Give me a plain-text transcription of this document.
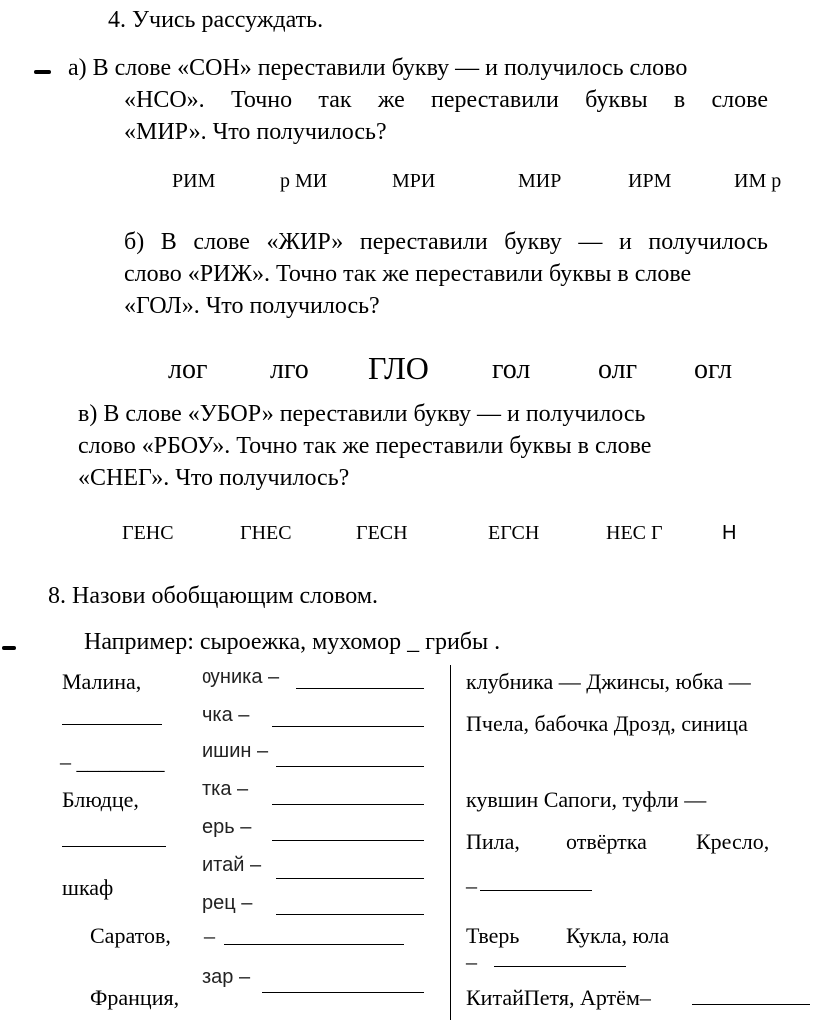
4. Учись рассуждать.
а) В слове «СОН» переставили букву — и получилось слово
«НСО». Точно так же переставили буквы в слове
«МИР». Что получилось?
РИМ	р МИ	МРИ	МИР	ИРМ	ИМ р
б) В слове «ЖИР» переставили букву — и получилось
слово «РИЖ». Точно так же переставили буквы в слове
«ГОЛ». Что получилось?
лог лго ГЛО гол олг огл
в) В слове «УБОР» переставили букву — и получилось
слово «РБОУ». Точно так же переставили буквы в слове
«СНЕГ». Что получилось?
ГЕНС	ГНЕС	ГЕСН	ЕГСН	НЕС Г	Н
8. Назови обобщающим словом.
Например: сыроежка, мухомор _ грибы .
Малина,
– ________
Блюдце,
шкаф
Саратов, –
Франция,
ѹника –
чка –
ишин –
тка –
ерь –
итай –
рец –
зар –
клубника — Джинсы, юбка —
Пчела, бабочка Дрозд, синица
кувшин Сапоги, туфли —
Пила, отвёртка Кресло,
–
Тверь Кукла, юла
–
КитайПетя, Артём–
